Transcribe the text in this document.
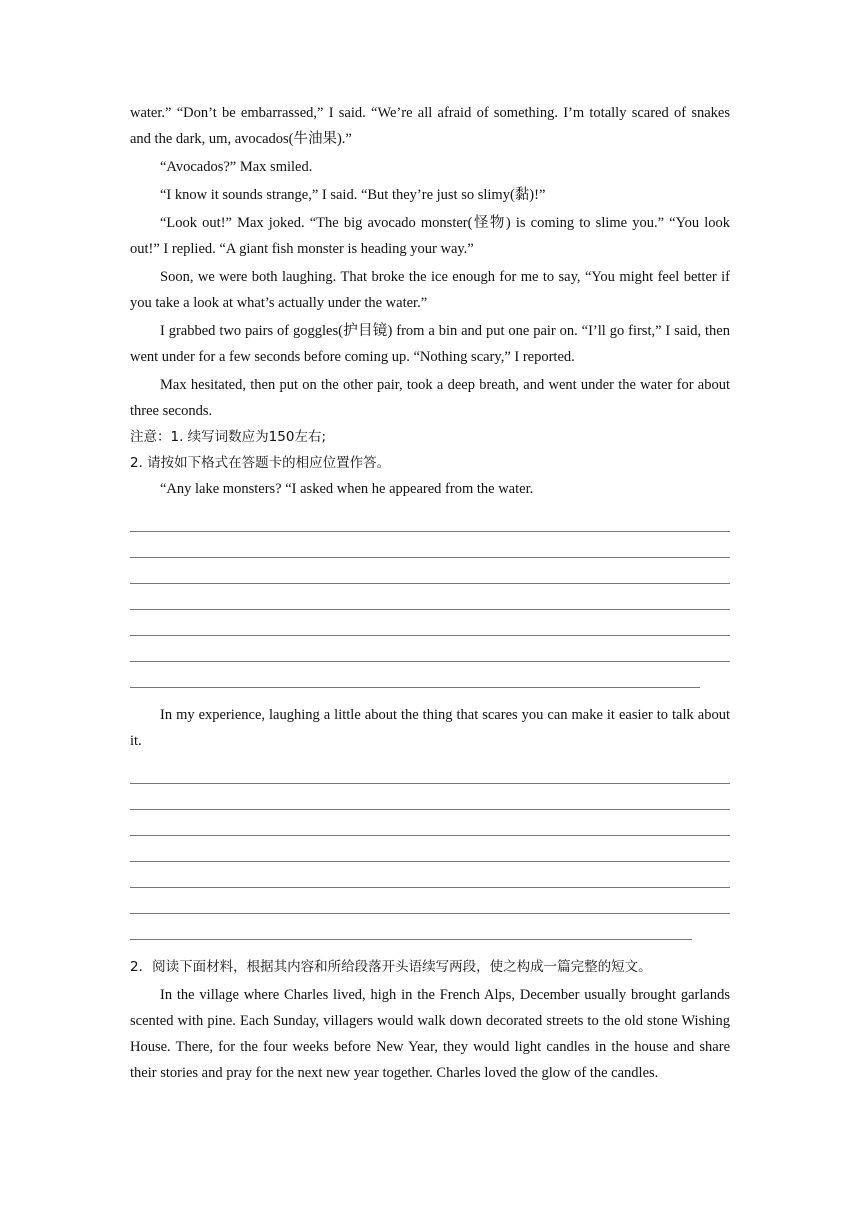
water.” “Don’t be embarrassed,” I said. “We’re all afraid of something. I’m totally scared of snakes and the dark, um, avocados(牛油果).”

“Avocados?” Max smiled.

“I know it sounds strange,” I said. “But they’re just so slimy(黏)!”

“Look out!” Max joked. “The big avocado monster(怪物) is coming to slime you.” “You look out!” I replied. “A giant fish monster is heading your way.”

Soon, we were both laughing. That broke the ice enough for me to say, “You might feel better if you take a look at what’s actually under the water.”

I grabbed two pairs of goggles(护目镜) from a bin and put one pair on. “I’ll go first,” I said, then went under for a few seconds before coming up. “Nothing scary,” I reported.

Max hesitated, then put on the other pair, took a deep breath, and went under the water for about three seconds.

注意：1. 续写词数应为150左右;

2. 请按如下格式在答题卡的相应位置作答。

“Any lake monsters? “I asked when he appeared from the water.

In my experience, laughing a little about the thing that scares you can make it easier to talk about it.

2．阅读下面材料，根据其内容和所给段落开头语续写两段，使之构成一篇完整的短文。

In the village where Charles lived, high in the French Alps, December usually brought garlands scented with pine. Each Sunday, villagers would walk down decorated streets to the old stone Wishing House. There, for the four weeks before New Year, they would light candles in the house and share their stories and pray for the next new year together. Charles loved the glow of the candles.
